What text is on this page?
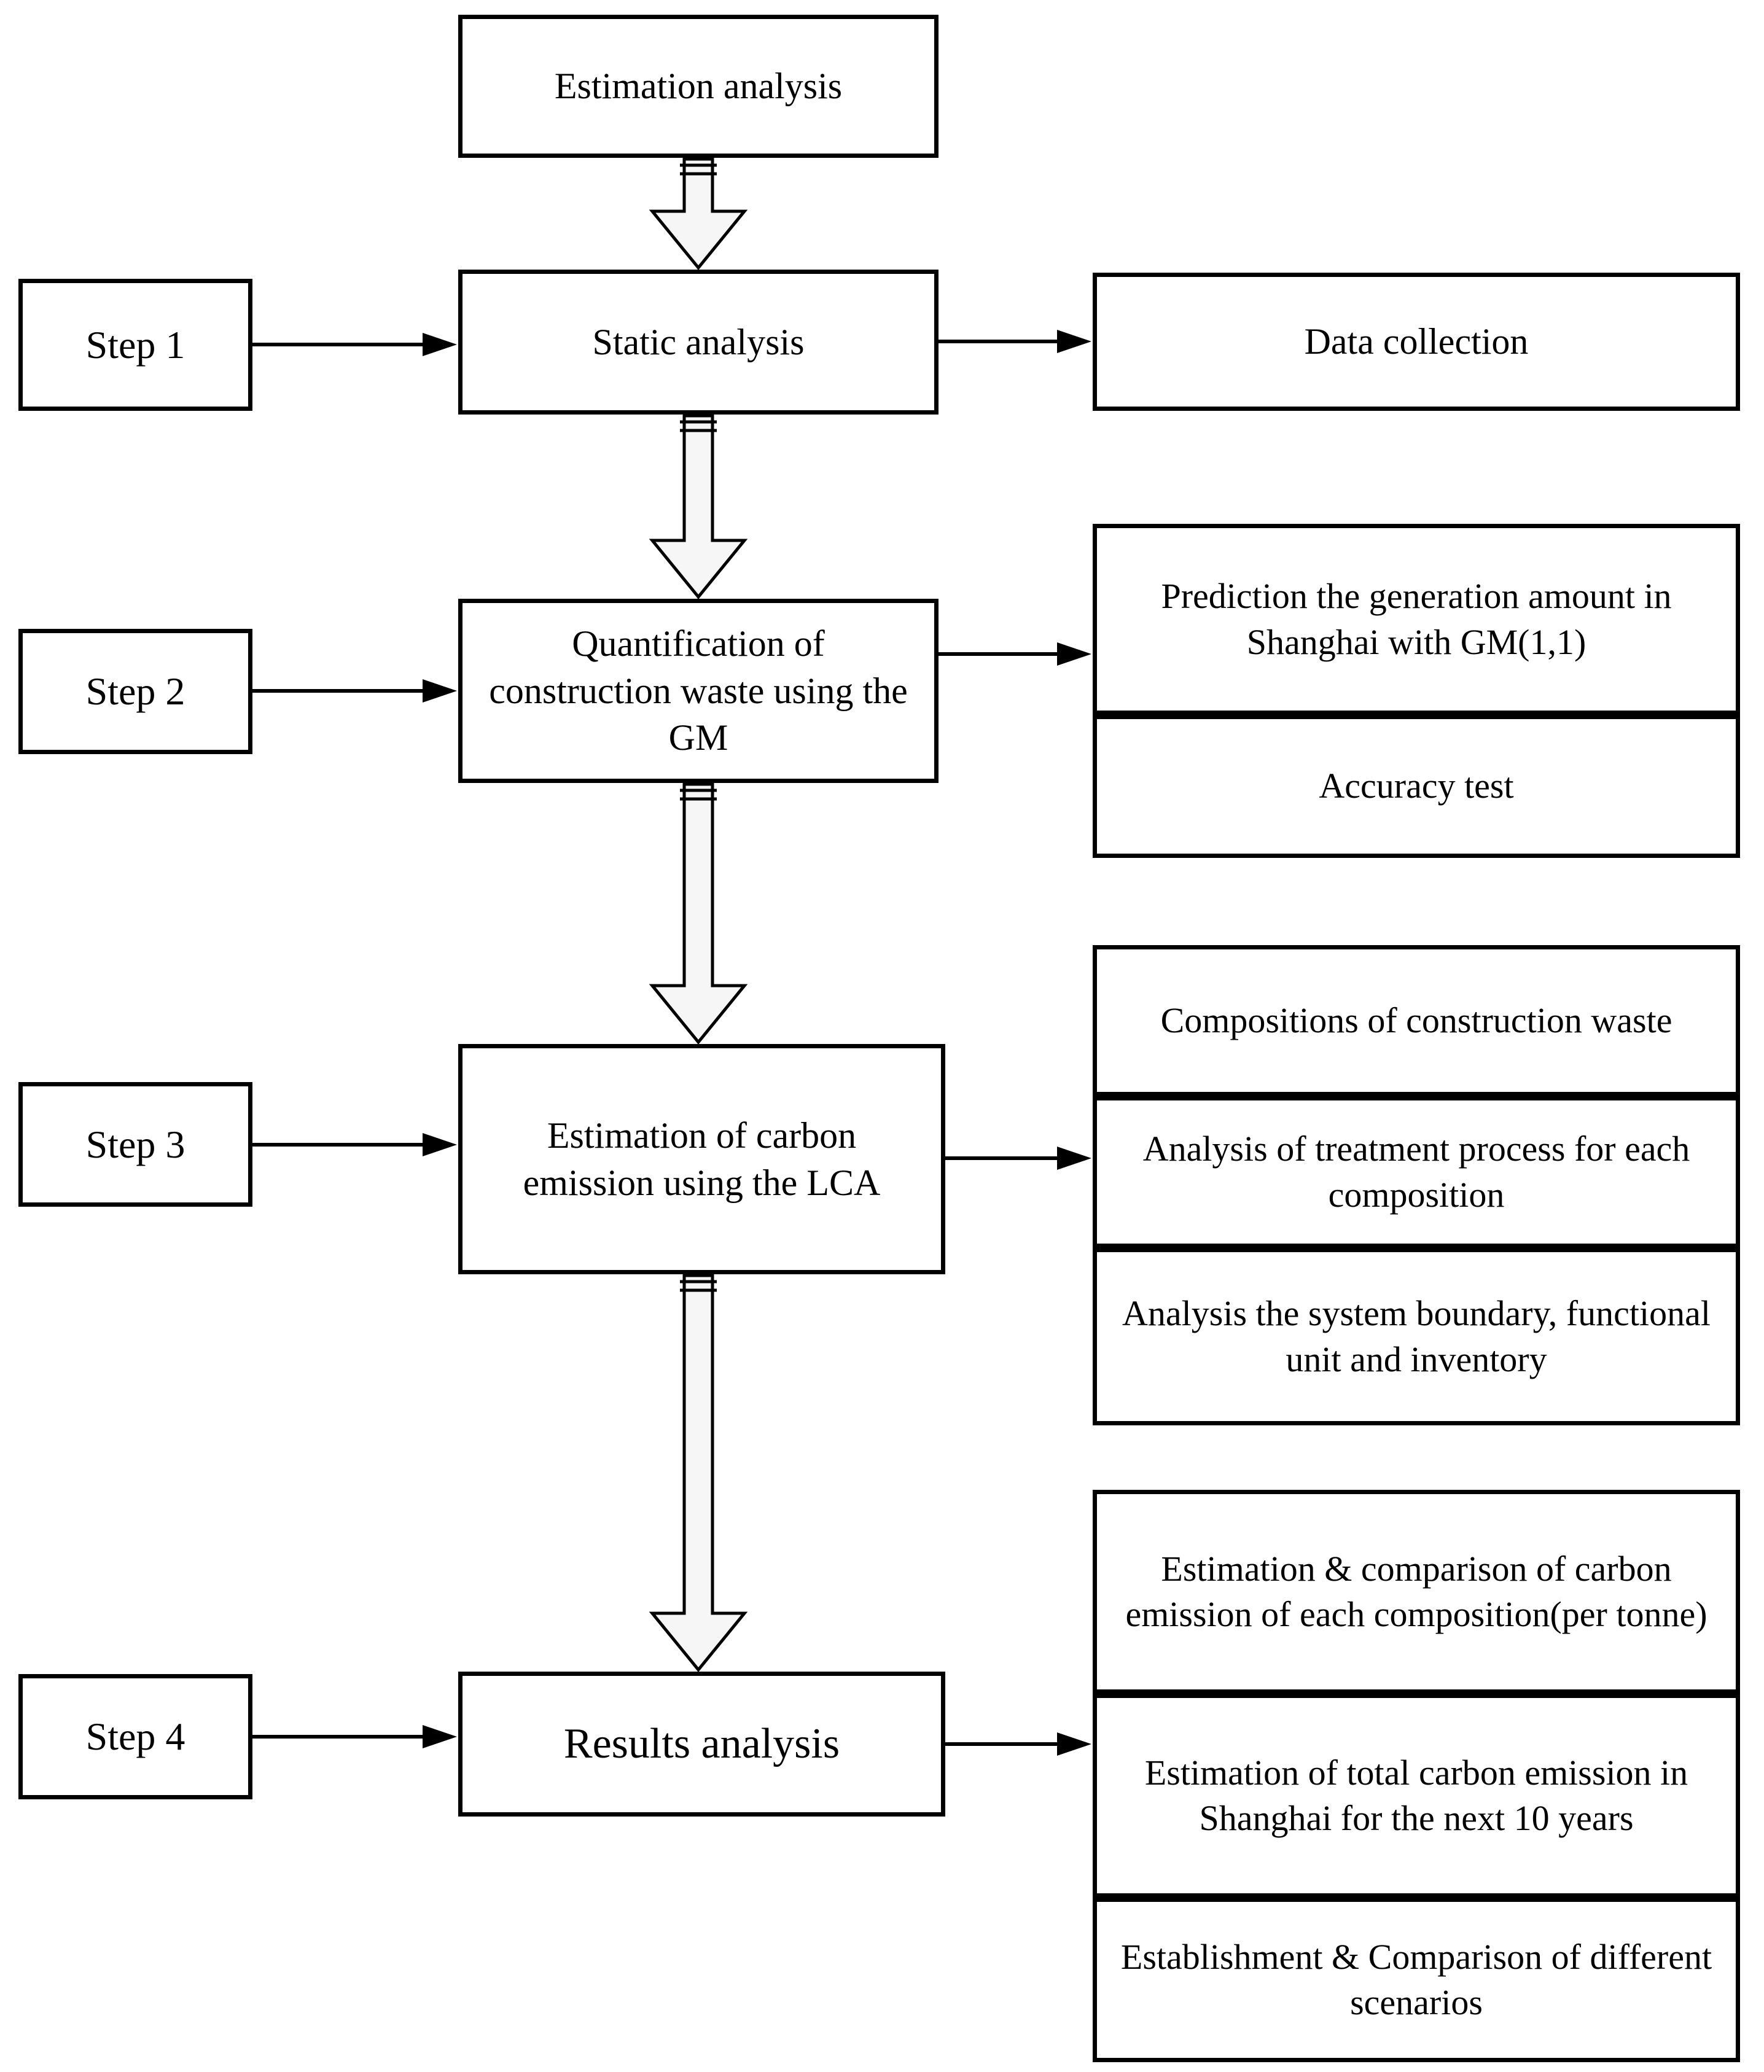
Estimation analysis
Step 1	Static analysis	Data collection
Step 2
Quantification of construction waste using the GM
Prediction the generation amount in Shanghai with GM(1,1)
Accuracy test
Step 3	Estimation of carbon emission using the LCA
Compositions of construction waste
Analysis of treatment process for each composition
Analysis the system boundary, functional unit and inventory
Step 4	Results analysis
Estimation & comparison of carbon emission of each composition(per tonne)
Estimation of total carbon emission in Shanghai for the next 10 years
Establishment & Comparison of different scenarios
